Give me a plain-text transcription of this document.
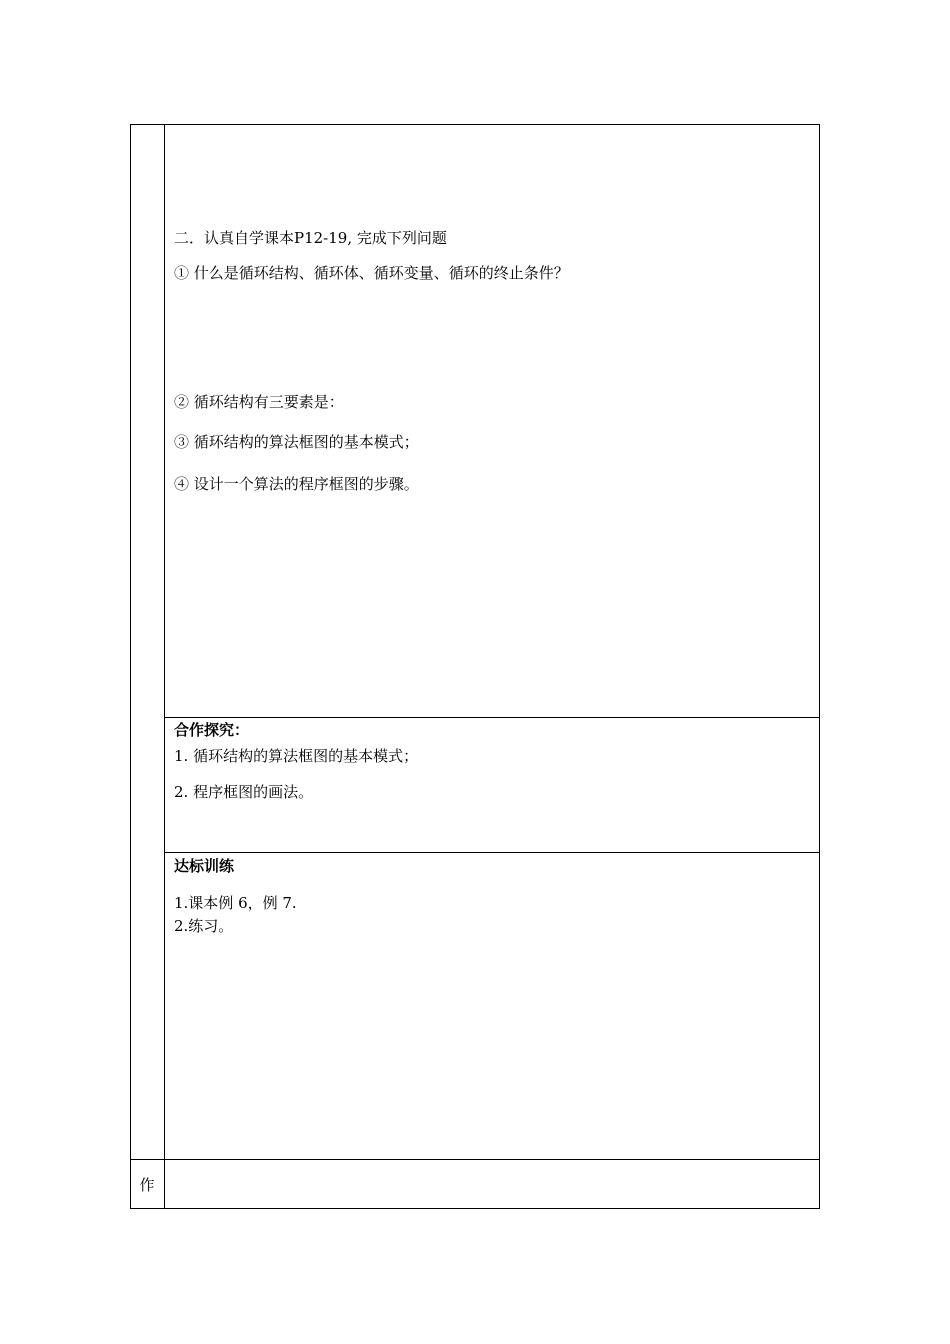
二．认真自学课本P12-19, 完成下列问题
① 什么是循环结构、循环体、循环变量、循环的终止条件？
② 循环结构有三要素是：
③ 循环结构的算法框图的基本模式；
④ 设计一个算法的程序框图的步骤。
合作探究：
1. 循环结构的算法框图的基本模式；
2. 程序框图的画法。
达标训练
1.课本例 6，例 7.
2.练习。
作
